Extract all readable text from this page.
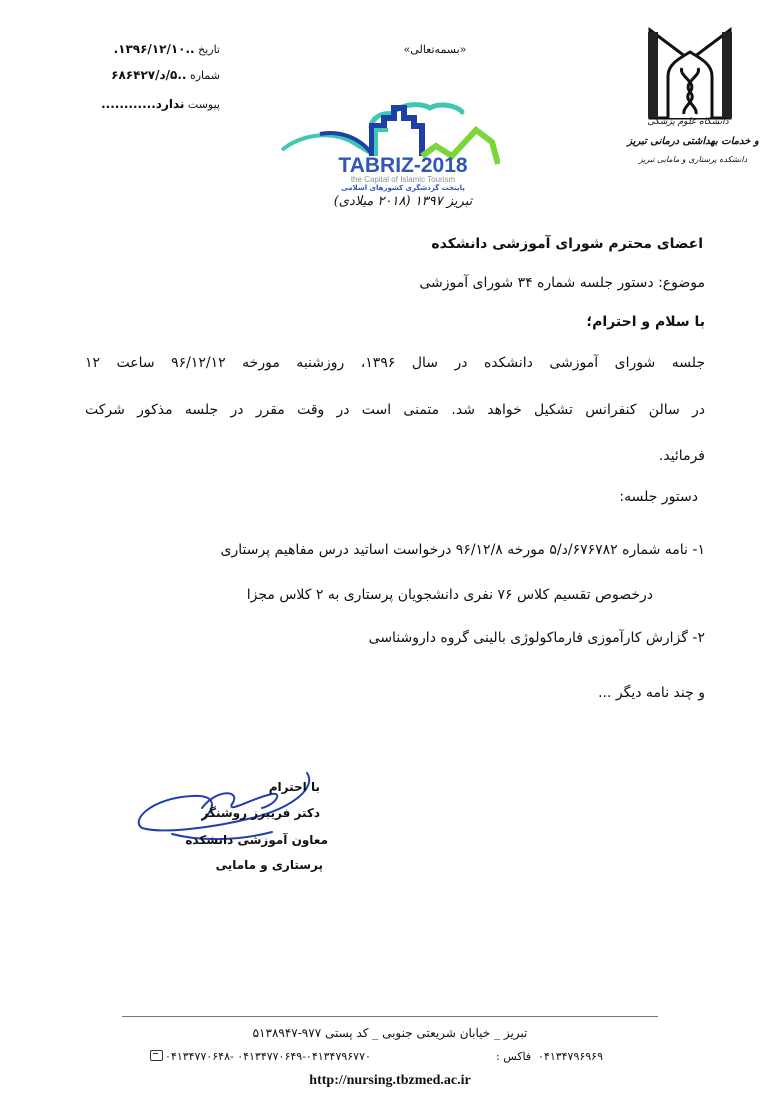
تاریخ ..۱۳۹۶/۱۲/۱۰.
شماره ..۵/د/۶۸۶۴۲۷
پیوست ندارد............
«بسمه‌تعالی»
TABRIZ-2018
the Capital of Islamic Tourism
پایتخت گردشگری کشورهای اسلامی
تبریز ۱۳۹۷ (۲۰۱۸ میلادی)
دانشگاه علوم پزشکی
و خدمات بهداشتی درمانی تبریز
دانشکده پرستاری و مامایی تبریز
اعضای محترم شورای آموزشی دانشکده
موضوع: دستور جلسه شماره ۳۴ شورای آموزشی
با سلام و احترام؛
جلسه شورای آموزشی دانشکده در سال ۱۳۹۶، روزشنبه مورخه ۹۶/۱۲/۱۲ ساعت ۱۲
در سالن کنفرانس تشکیل خواهد شد. متمنی است در وقت مقرر در جلسه مذکور شرکت
فرمائید.
دستور جلسه:
۱- نامه شماره ۶۷۶۷۸۲/د/۵ مورخه ۹۶/۱۲/۸ درخواست اساتید درس مفاهیم پرستاری
درخصوص تقسیم کلاس ۷۶ نفری دانشجویان پرستاری به ۲ کلاس مجزا
۲- گزارش کارآموزی فارماکولوژی بالینی گروه داروشناسی
و چند نامه دیگر ...
با احترام
دکتر فریبرز روشنگر
معاون آموزشی دانشکده
پرستاری و مامایی
تبریز _ خیابان شریعتی جنوبی _ کد پستی ۹۷۷-۵۱۳۸۹۴۷
۰۴۱۳۴۷۷۰۶۴۸- ۰۴۱۳۴۷۷۰۶۴۹-۰۴۱۳۴۷۹۶۷۷۰	فاکس : ۰۴۱۳۴۷۹۶۹۶۹
http://nursing.tbzmed.ac.ir
